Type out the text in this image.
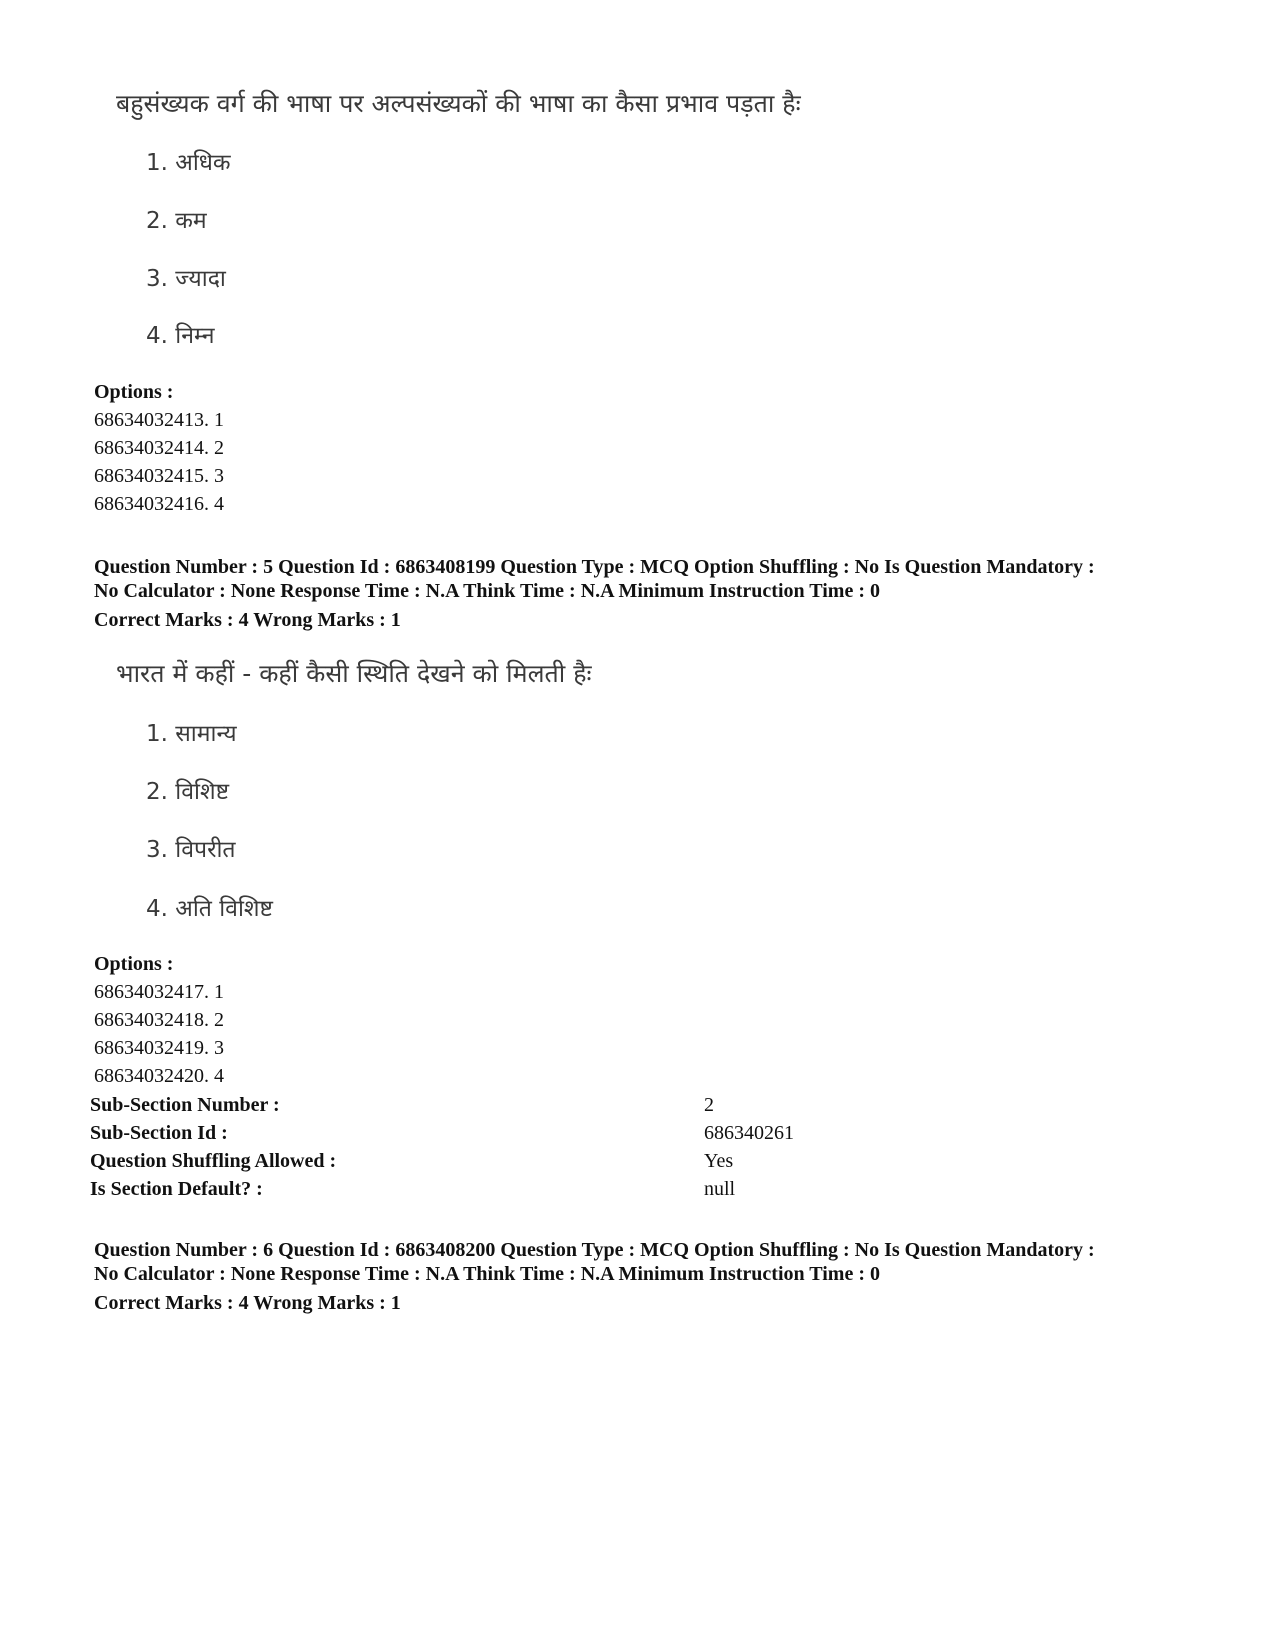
बहुसंख्यक वर्ग की भाषा पर अल्पसंख्यकों की भाषा का कैसा प्रभाव पड़ता हैः
1. अधिक
2. कम
3. ज्यादा
4. निम्न
Options :
68634032413. 1
68634032414. 2
68634032415. 3
68634032416. 4
Question Number : 5 Question Id : 6863408199 Question Type : MCQ Option Shuffling : No Is Question Mandatory :
No Calculator : None Response Time : N.A Think Time : N.A Minimum Instruction Time : 0
Correct Marks : 4 Wrong Marks : 1
भारत में कहीं - कहीं कैसी स्थिति देखने को मिलती हैः
1. सामान्य
2. विशिष्ट
3. विपरीत
4. अति विशिष्ट
Options :
68634032417. 1
68634032418. 2
68634032419. 3
68634032420. 4
Sub-Section Number :	2
Sub-Section Id :	686340261
Question Shuffling Allowed :	Yes
Is Section Default? :	null
Question Number : 6 Question Id : 6863408200 Question Type : MCQ Option Shuffling : No Is Question Mandatory :
No Calculator : None Response Time : N.A Think Time : N.A Minimum Instruction Time : 0
Correct Marks : 4 Wrong Marks : 1
